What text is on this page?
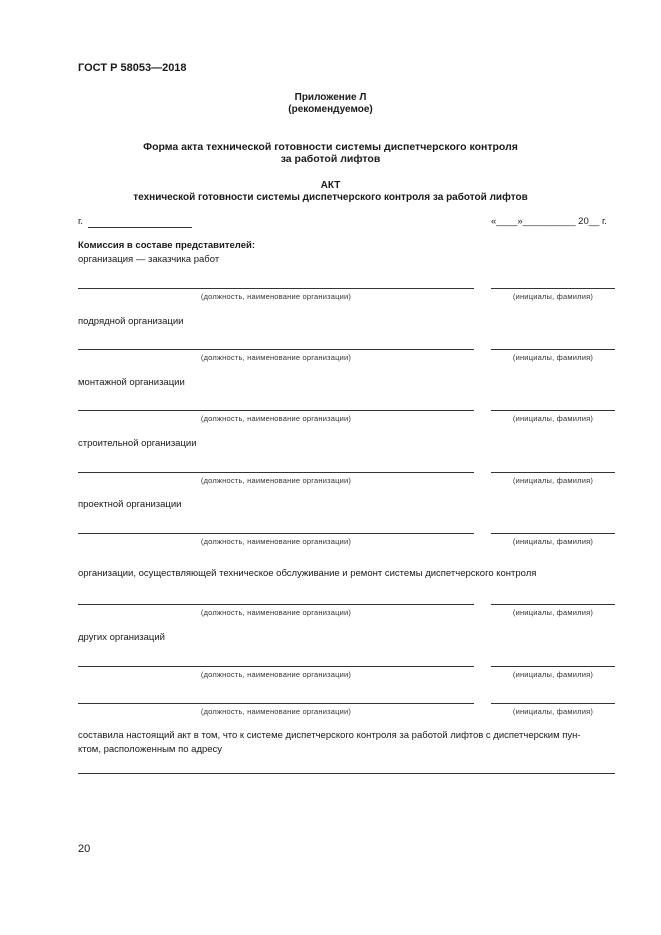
ГОСТ Р 58053—2018
Приложение Л
(рекомендуемое)
Форма акта технической готовности системы диспетчерского контроля
за работой лифтов
АКТ
технической готовности системы диспетчерского контроля за работой лифтов
г.	«____»__________ 20__ г.
Комиссия в составе представителей:
организация — заказчика работ
(должность, наименование организации)	(инициалы, фамилия)
подрядной организации
(должность, наименование организации)	(инициалы, фамилия)
монтажной организации
(должность, наименование организации)	(инициалы, фамилия)
строительной организации
(должность, наименование организации)	(инициалы, фамилия)
проектной организации
(должность, наименование организации)	(инициалы, фамилия)
организации, осуществляющей техническое обслуживание и ремонт системы диспетчерского контроля
(должность, наименование организации)	(инициалы, фамилия)
других организаций
(должность, наименование организации)	(инициалы, фамилия)
(должность, наименование организации)	(инициалы, фамилия)
составила настоящий акт в том, что к системе диспетчерского контроля за работой лифтов с диспетчерским пун-
ктом, расположенным по адресу
20
